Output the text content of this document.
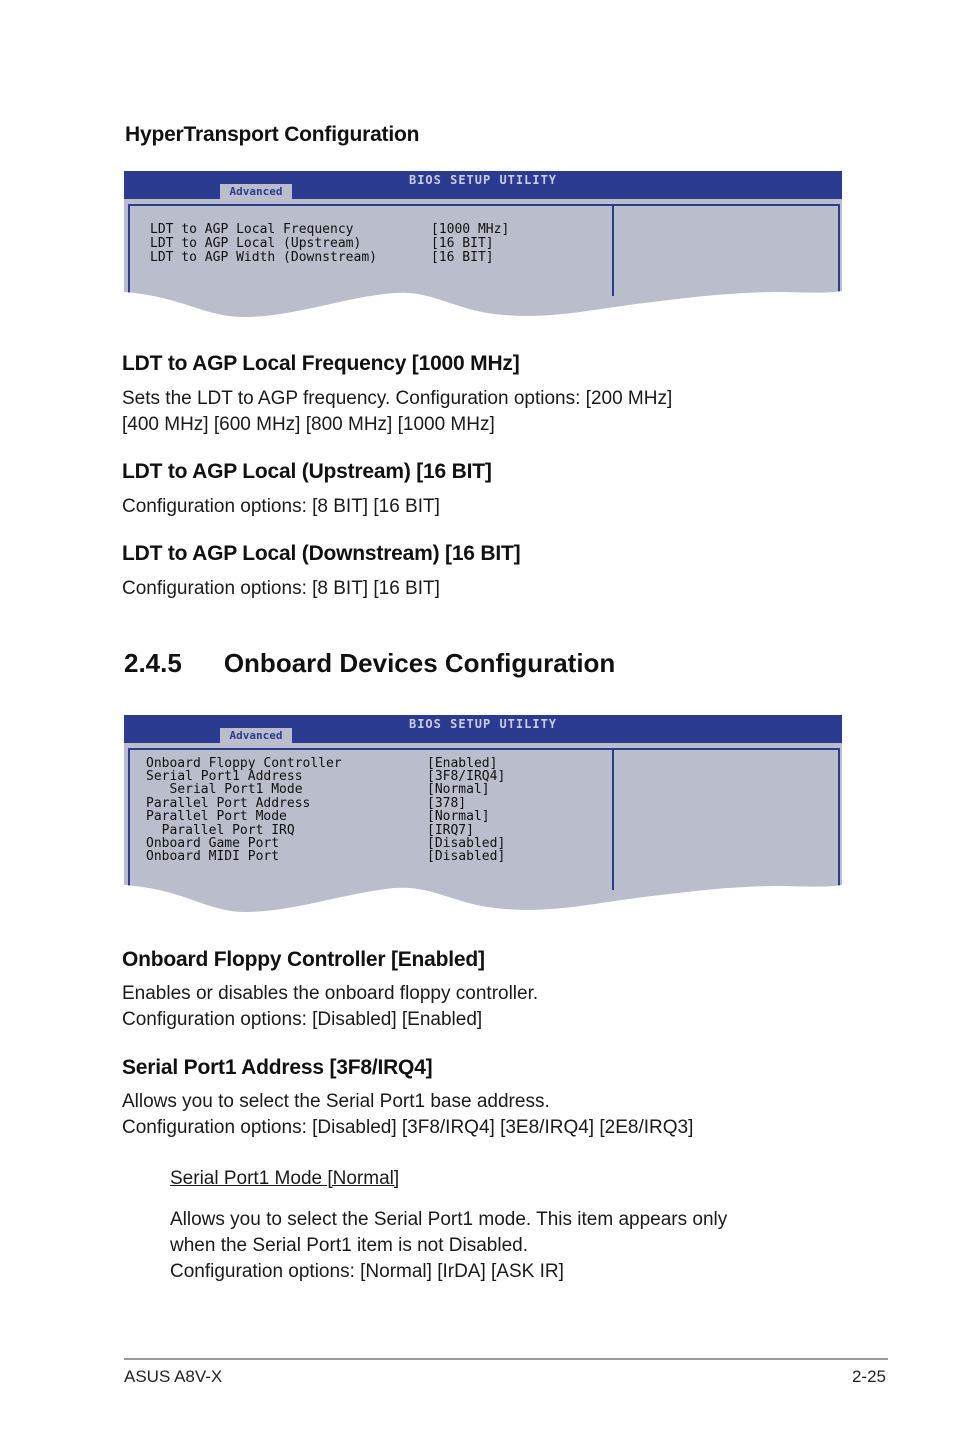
HyperTransport Configuration
BIOS SETUP UTILITY
Advanced
LDT to AGP Local Frequency	[1000 MHz]
LDT to AGP Local (Upstream)	[16 BIT]
LDT to AGP Width (Downstream)	[16 BIT]
LDT to AGP Local Frequency [1000 MHz]
Sets the LDT to AGP frequency. Configuration options: [200 MHz]
[400 MHz] [600 MHz] [800 MHz] [1000 MHz]
LDT to AGP Local (Upstream) [16 BIT]
Configuration options: [8 BIT] [16 BIT]
LDT to AGP Local (Downstream) [16 BIT]
Configuration options: [8 BIT] [16 BIT]
2.4.5 Onboard Devices Configuration
BIOS SETUP UTILITY
Advanced
Onboard Floppy Controller	[Enabled]
Serial Port1 Address	[3F8/IRQ4]
Serial Port1 Mode	[Normal]
Parallel Port Address	[378]
Parallel Port Mode	[Normal]
Parallel Port IRQ	[IRQ7]
Onboard Game Port	[Disabled]
Onboard MIDI Port	[Disabled]
Onboard Floppy Controller [Enabled]
Enables or disables the onboard floppy controller.
Configuration options: [Disabled] [Enabled]
Serial Port1 Address [3F8/IRQ4]
Allows you to select the Serial Port1 base address.
Configuration options: [Disabled] [3F8/IRQ4] [3E8/IRQ4] [2E8/IRQ3]
Serial Port1 Mode [Normal]
Allows you to select the Serial Port1 mode. This item appears only
when the Serial Port1 item is not Disabled.
Configuration options: [Normal] [IrDA] [ASK IR]
ASUS A8V-X	2-25
